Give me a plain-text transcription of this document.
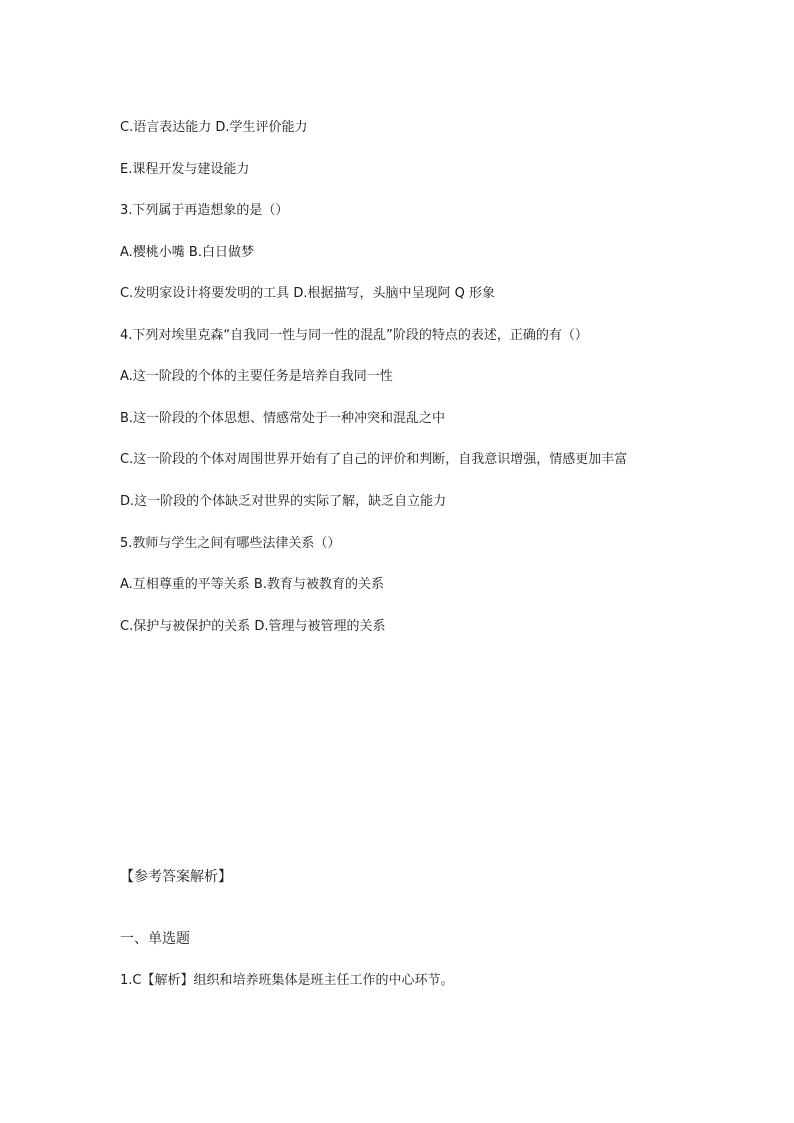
C.语言表达能力 D.学生评价能力
E.课程开发与建设能力
3.下列属于再造想象的是（）
A.樱桃小嘴 B.白日做梦
C.发明家设计将要发明的工具 D.根据描写，头脑中呈现阿 Q 形象
4.下列对埃里克森“自我同一性与同一性的混乱”阶段的特点的表述，正确的有（）
A.这一阶段的个体的主要任务是培养自我同一性
B.这一阶段的个体思想、情感常处于一种冲突和混乱之中
C.这一阶段的个体对周围世界开始有了自己的评价和判断，自我意识增强，情感更加丰富
D.这一阶段的个体缺乏对世界的实际了解，缺乏自立能力
5.教师与学生之间有哪些法律关系（）
A.互相尊重的平等关系 B.教育与被教育的关系
C.保护与被保护的关系 D.管理与被管理的关系
【参考答案解析】
一、单选题
1.C【解析】组织和培养班集体是班主任工作的中心环节。
